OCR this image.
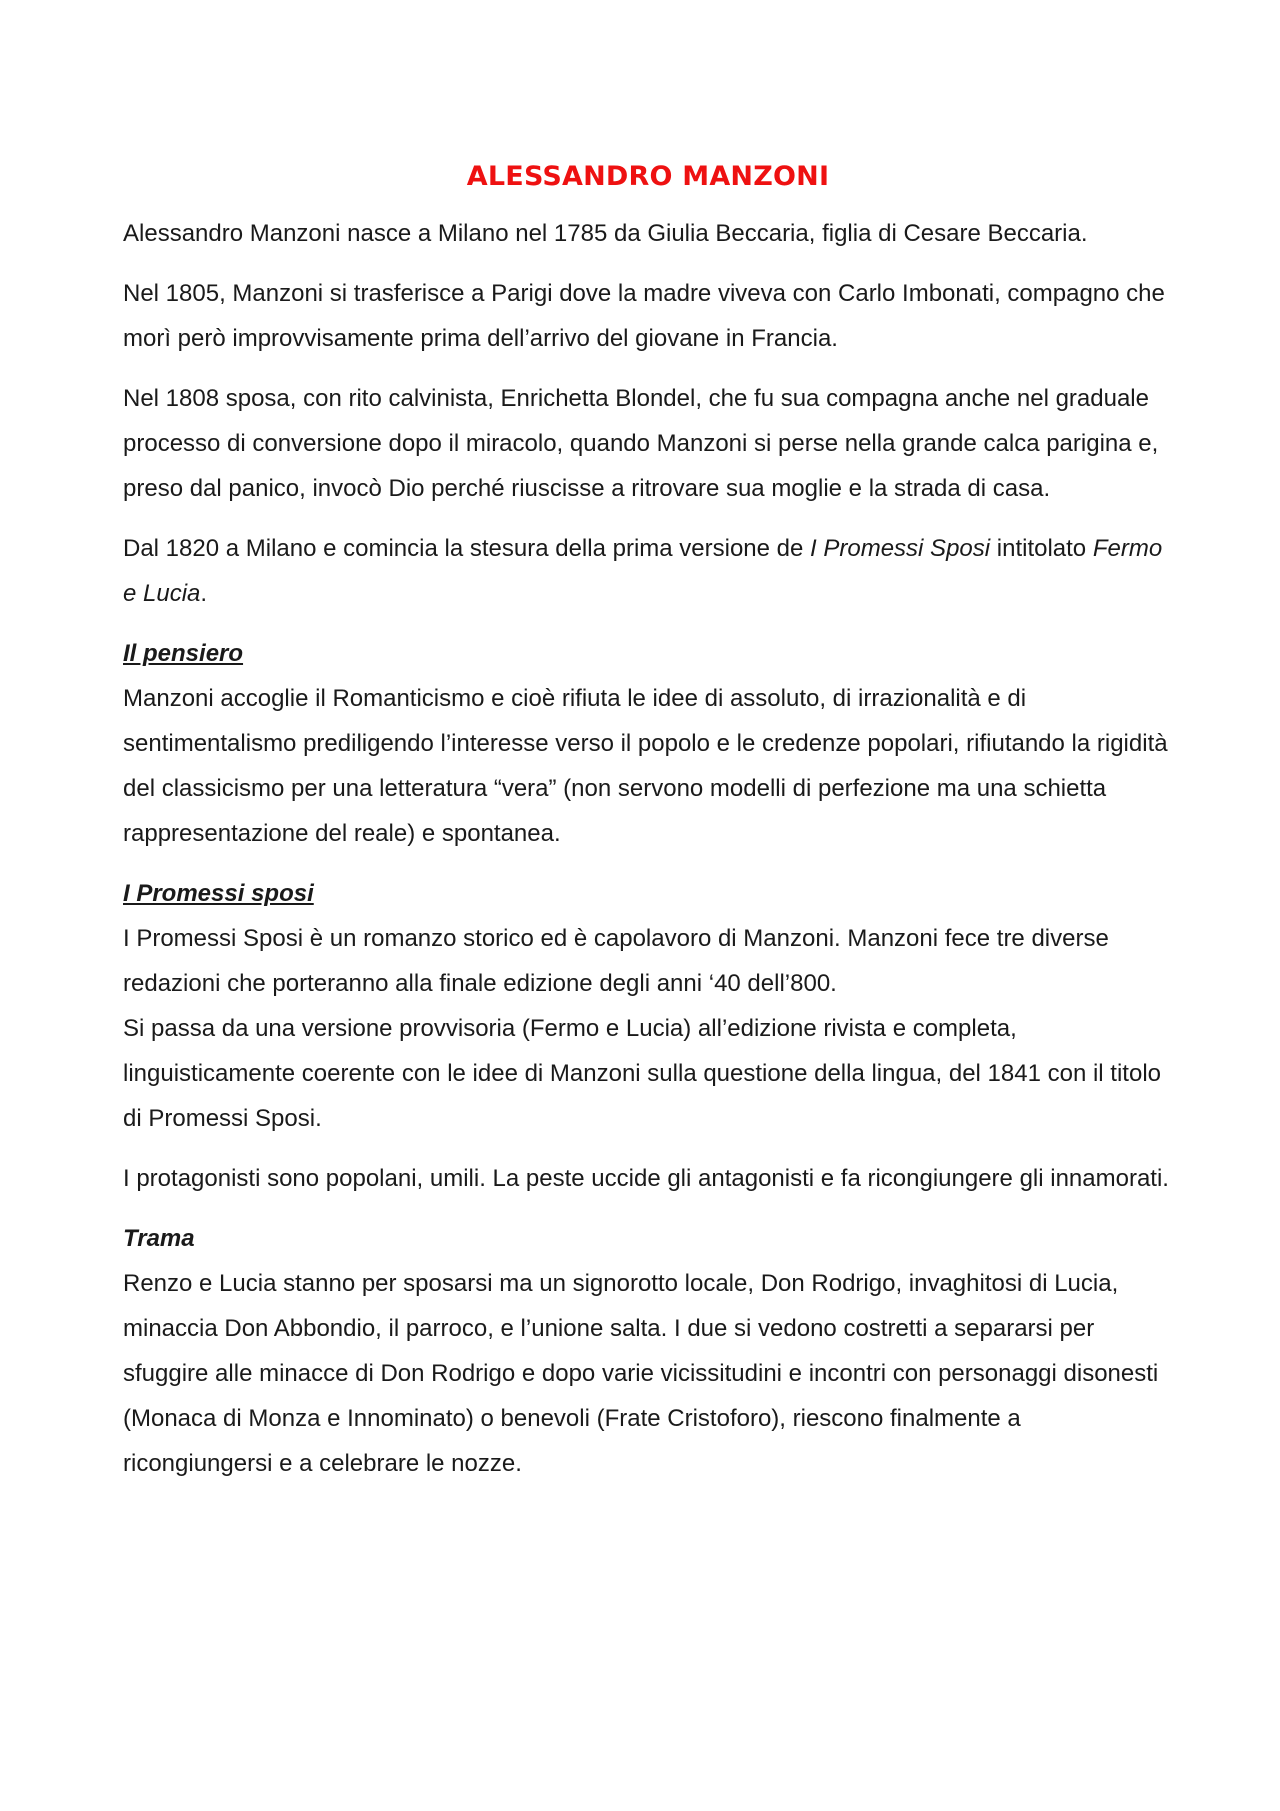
ALESSANDRO MANZONI

Alessandro Manzoni nasce a Milano nel 1785 da Giulia Beccaria, figlia di Cesare Beccaria.

Nel 1805, Manzoni si trasferisce a Parigi dove la madre viveva con Carlo Imbonati, compagno che morì però improvvisamente prima dell’arrivo del giovane in Francia.

Nel 1808 sposa, con rito calvinista, Enrichetta Blondel, che fu sua compagna anche nel graduale processo di conversione dopo il miracolo, quando Manzoni si perse nella grande calca parigina e, preso dal panico, invocò Dio perché riuscisse a ritrovare sua moglie e la strada di casa.

Dal 1820 a Milano e comincia la stesura della prima versione de I Promessi Sposi intitolato Fermo e Lucia.

Il pensiero

Manzoni accoglie il Romanticismo e cioè rifiuta le idee di assoluto, di irrazionalità e di sentimentalismo prediligendo l’interesse verso il popolo e le credenze popolari, rifiutando la rigidità del classicismo per una letteratura “vera” (non servono modelli di perfezione ma una schietta rappresentazione del reale) e spontanea.

I Promessi sposi

I Promessi Sposi è un romanzo storico ed è capolavoro di Manzoni. Manzoni fece tre diverse redazioni che porteranno alla finale edizione degli anni ‘40 dell’800.

Si passa da una versione provvisoria (Fermo e Lucia) all’edizione rivista e completa, linguisticamente coerente con le idee di Manzoni sulla questione della lingua, del 1841 con il titolo di Promessi Sposi.

I protagonisti sono popolani, umili. La peste uccide gli antagonisti e fa ricongiungere gli innamorati.

Trama

Renzo e Lucia stanno per sposarsi ma un signorotto locale, Don Rodrigo, invaghitosi di Lucia, minaccia Don Abbondio, il parroco, e l’unione salta. I due si vedono costretti a separarsi per sfuggire alle minacce di Don Rodrigo e dopo varie vicissitudini e incontri con personaggi disonesti (Monaca di Monza e Innominato) o benevoli (Frate Cristoforo), riescono finalmente a ricongiungersi e a celebrare le nozze.
